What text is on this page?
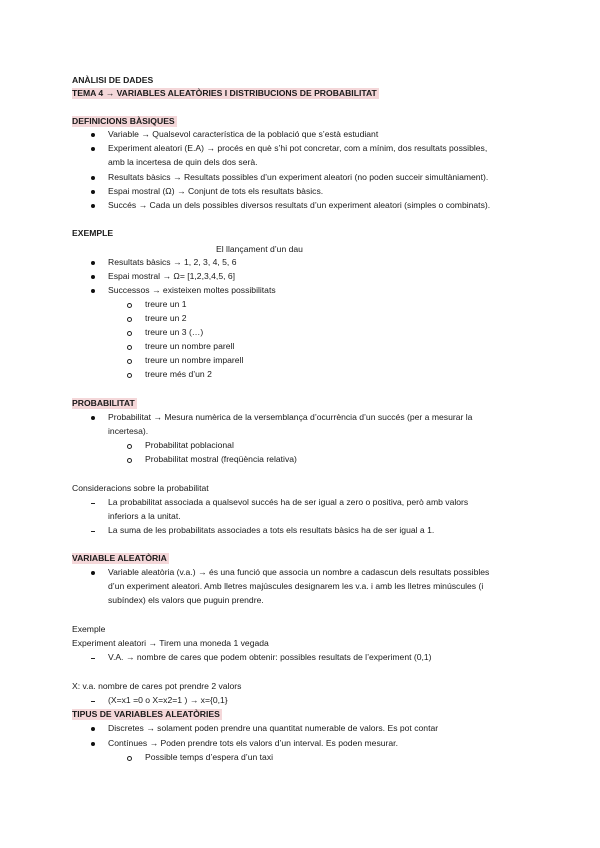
ANÀLISI DE DADES
TEMA 4 → VARIABLES ALEATÒRIES I DISTRIBUCIONS DE PROBABILITAT
DEFINICIONS BÀSIQUES
Variable → Qualsevol característica de la població que s’està estudiant
Experiment aleatori (E.A) → procés en què s’hi pot concretar, com a mínim, dos resultats possibles,
amb la incertesa de quin dels dos serà.
Resultats bàsics → Resultats possibles d’un experiment aleatori (no poden succeir simultàniament).
Espai mostral (Ω) → Conjunt de tots els resultats bàsics.
Succés → Cada un dels possibles diversos resultats d’un experiment aleatori (simples o combinats).
EXEMPLE
El llançament d’un dau
Resultats bàsics → 1, 2, 3, 4, 5, 6
Espai mostral → Ω= [1,2,3,4,5, 6]
Successos → existeixen moltes possibilitats
treure un 1
treure un 2
treure un 3 (…)
treure un nombre parell
treure un nombre imparell
treure més d’un 2
PROBABILITAT
Probabilitat → Mesura numèrica de la versemblança d’ocurrència d’un succés (per a mesurar la
incertesa).
Probabilitat poblacional
Probabilitat mostral (freqüència relativa)
Consideracions sobre la probabilitat
La probabilitat associada a qualsevol succés ha de ser igual a zero o positiva, però amb valors
inferiors a la unitat.
La suma de les probabilitats associades a tots els resultats bàsics ha de ser igual a 1.
VARIABLE ALEATÒRIA
Variable aleatòria (v.a.) → és una funció que associa un nombre a cadascun dels resultats possibles
d’un experiment aleatori. Amb lletres majúscules designarem les v.a. i amb les lletres minúscules (i
subíndex) els valors que puguin prendre.
Exemple
Experiment aleatori → Tirem una moneda 1 vegada
V.A. → nombre de cares que podem obtenir: possibles resultats de l’experiment (0,1)
X: v.a. nombre de cares pot prendre 2 valors
(X=x1 =0 o X=x2=1 ) → x={0,1}
TIPUS DE VARIABLES ALEATÒRIES
Discretes → solament poden prendre una quantitat numerable de valors. Es pot contar
Contínues → Poden prendre tots els valors d’un interval. Es poden mesurar.
Possible temps d’espera d’un taxi
